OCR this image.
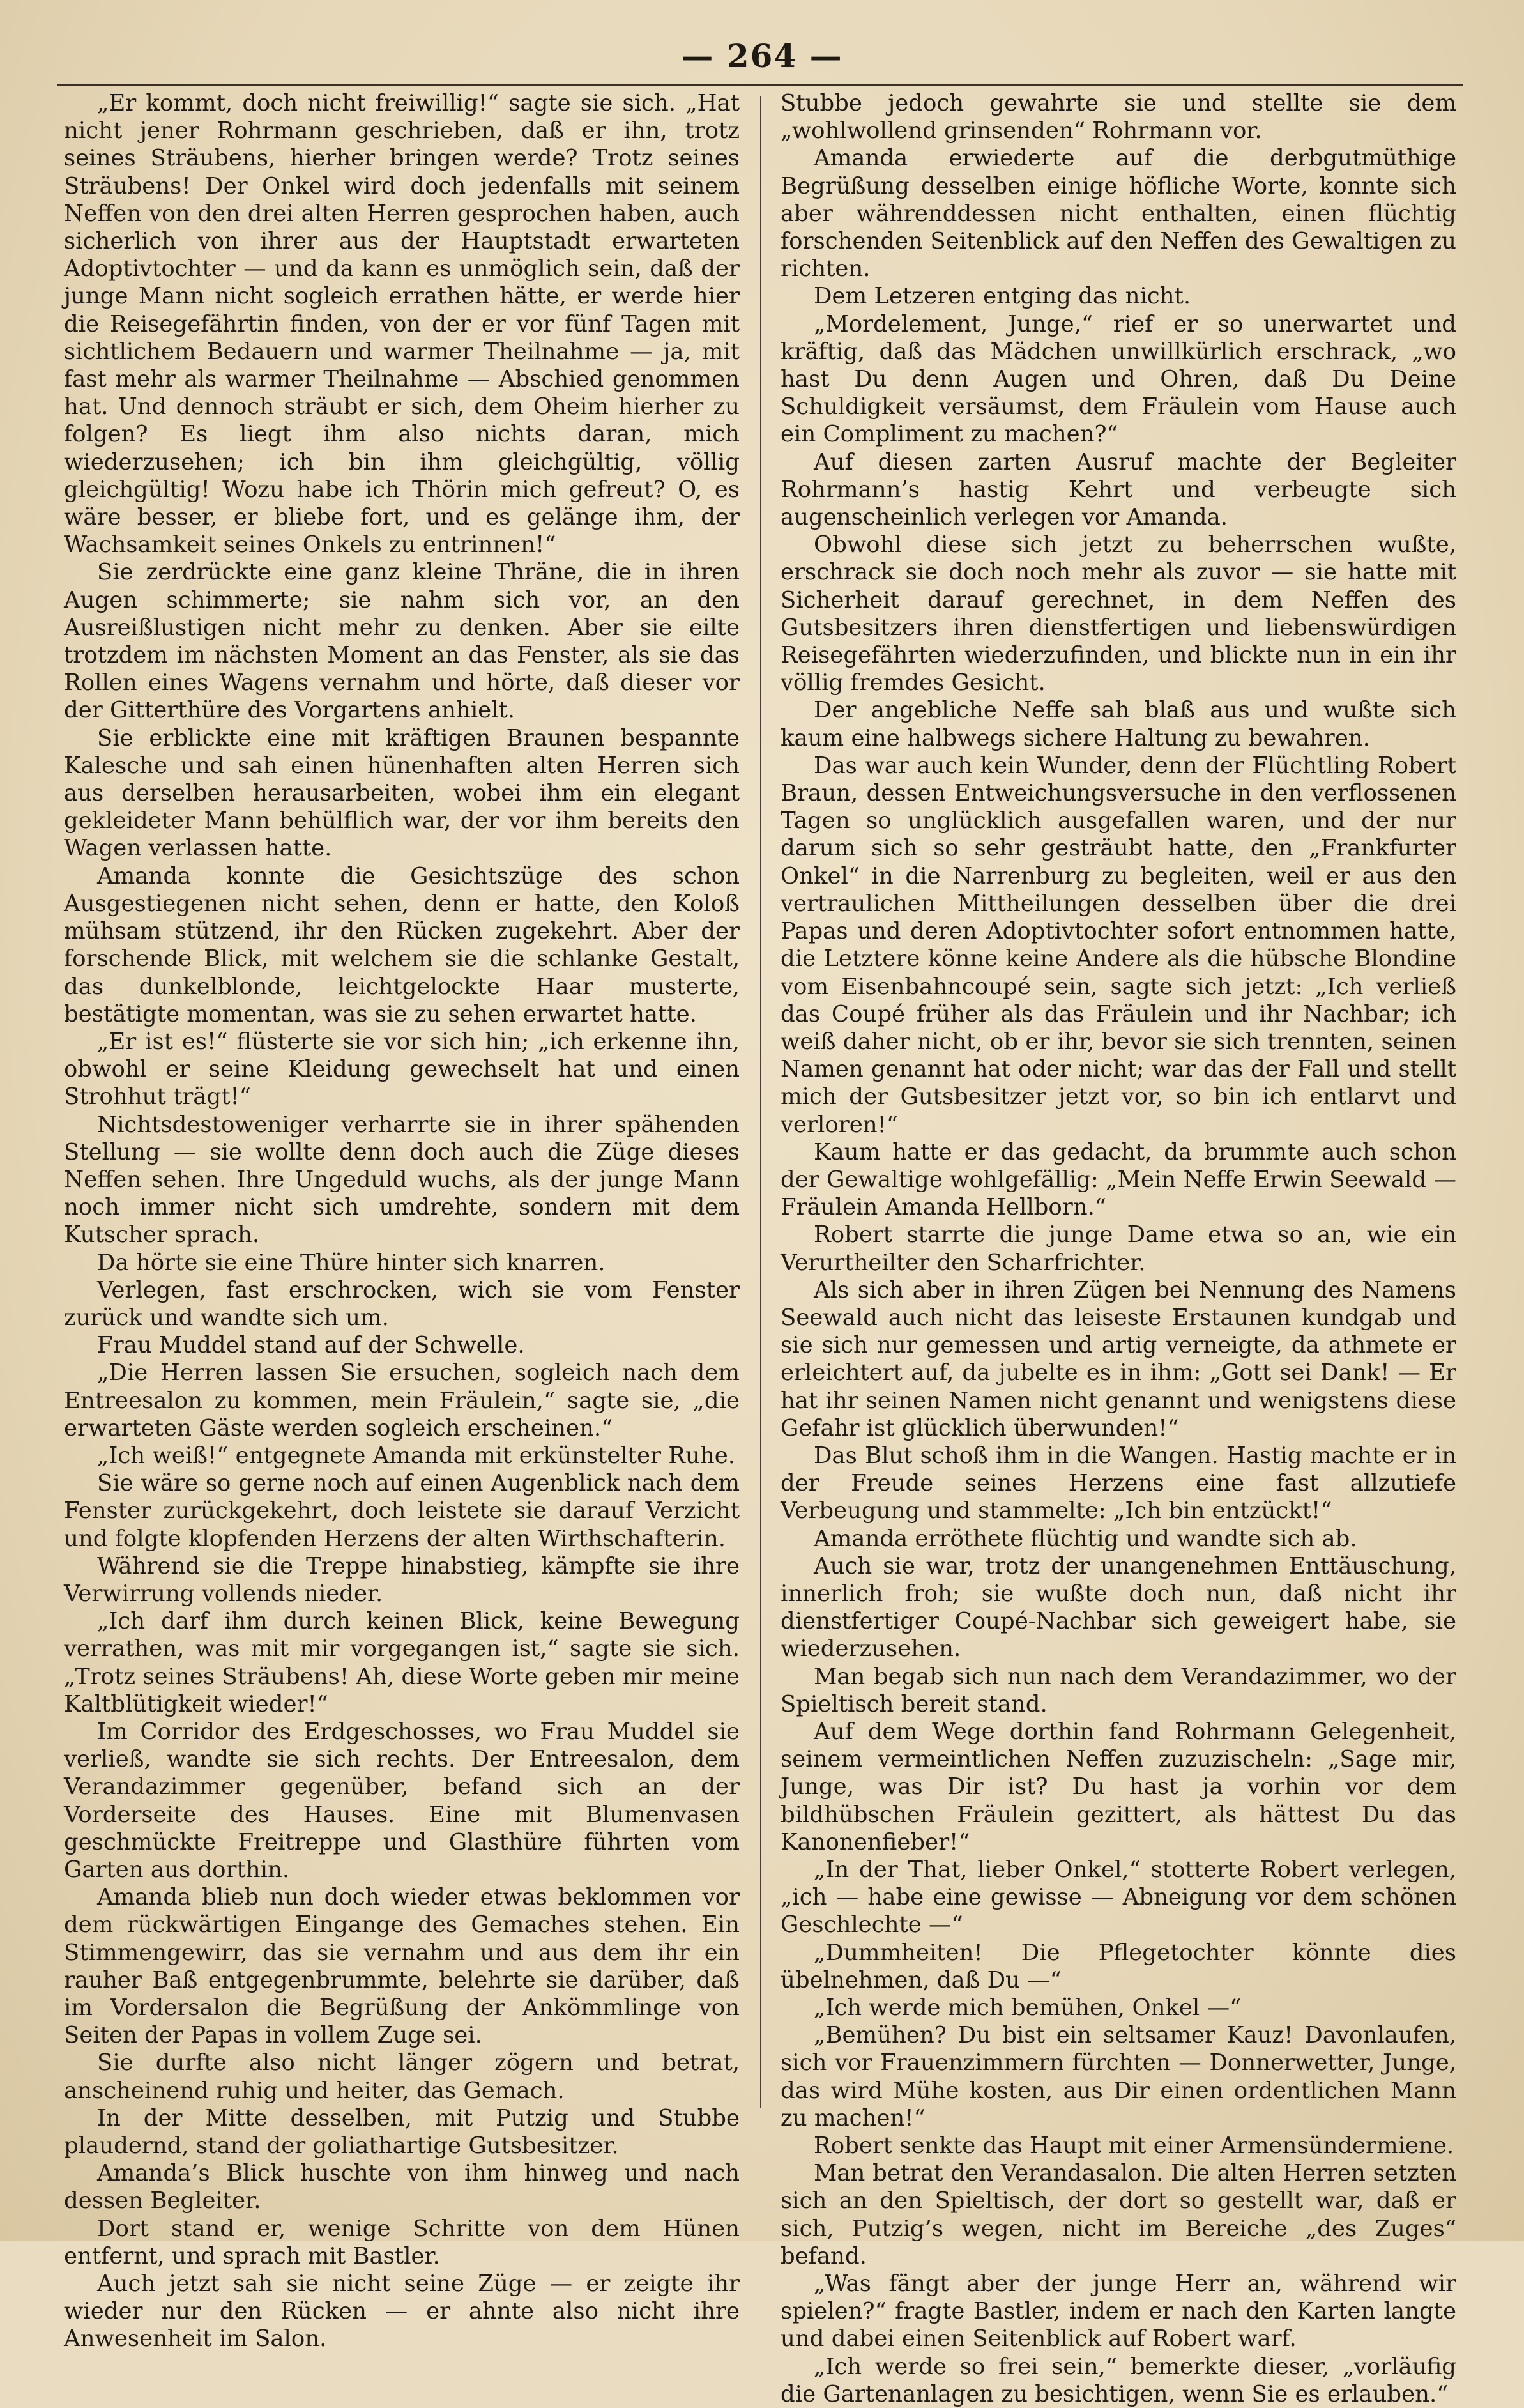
— 264 —

„Er kommt, doch nicht freiwillig!“ sagte sie sich. „Hat nicht jener Rohrmann geschrieben, daß er ihn, trotz seines Sträubens, hierher bringen werde? Trotz seines Sträubens! Der Onkel wird doch jedenfalls mit seinem Neffen von den drei alten Herren gesprochen haben, auch sicherlich von ihrer aus der Hauptstadt erwarteten Adoptivtochter — und da kann es unmöglich sein, daß der junge Mann nicht sogleich errathen hätte, er werde hier die Reisegefährtin finden, von der er vor fünf Tagen mit sichtlichem Bedauern und warmer Theilnahme — ja, mit fast mehr als warmer Theilnahme — Abschied genommen hat. Und dennoch sträubt er sich, dem Oheim hierher zu folgen? Es liegt ihm also nichts daran, mich wiederzusehen; ich bin ihm gleichgültig, völlig gleichgültig! Wozu habe ich Thörin mich gefreut? O, es wäre besser, er bliebe fort, und es gelänge ihm, der Wachsamkeit seines Onkels zu entrinnen!“

Sie zerdrückte eine ganz kleine Thräne, die in ihren Augen schimmerte; sie nahm sich vor, an den Ausreißlustigen nicht mehr zu denken. Aber sie eilte trotzdem im nächsten Moment an das Fenster, als sie das Rollen eines Wagens vernahm und hörte, daß dieser vor der Gitterthüre des Vorgartens anhielt.

Sie erblickte eine mit kräftigen Braunen bespannte Kalesche und sah einen hünenhaften alten Herren sich aus derselben herausarbeiten, wobei ihm ein elegant gekleideter Mann behülflich war, der vor ihm bereits den Wagen verlassen hatte.

Amanda konnte die Gesichtszüge des schon Ausgestiegenen nicht sehen, denn er hatte, den Koloß mühsam stützend, ihr den Rücken zugekehrt. Aber der forschende Blick, mit welchem sie die schlanke Gestalt, das dunkelblonde, leichtgelockte Haar musterte, bestätigte momentan, was sie zu sehen erwartet hatte.

„Er ist es!“ flüsterte sie vor sich hin; „ich erkenne ihn, obwohl er seine Kleidung gewechselt hat und einen Strohhut trägt!“

Nichtsdestoweniger verharrte sie in ihrer spähenden Stellung — sie wollte denn doch auch die Züge dieses Neffen sehen. Ihre Ungeduld wuchs, als der junge Mann noch immer nicht sich umdrehte, sondern mit dem Kutscher sprach.

Da hörte sie eine Thüre hinter sich knarren.

Verlegen, fast erschrocken, wich sie vom Fenster zurück und wandte sich um.

Frau Muddel stand auf der Schwelle.

„Die Herren lassen Sie ersuchen, sogleich nach dem Entreesalon zu kommen, mein Fräulein,“ sagte sie, „die erwarteten Gäste werden sogleich erscheinen.“

„Ich weiß!“ entgegnete Amanda mit erkünstelter Ruhe.

Sie wäre so gerne noch auf einen Augenblick nach dem Fenster zurückgekehrt, doch leistete sie darauf Verzicht und folgte klopfenden Herzens der alten Wirthschafterin.

Während sie die Treppe hinabstieg, kämpfte sie ihre Verwirrung vollends nieder.

„Ich darf ihm durch keinen Blick, keine Bewegung verrathen, was mit mir vorgegangen ist,“ sagte sie sich. „Trotz seines Sträubens! Ah, diese Worte geben mir meine Kaltblütigkeit wieder!“

Im Corridor des Erdgeschosses, wo Frau Muddel sie verließ, wandte sie sich rechts. Der Entreesalon, dem Verandazimmer gegenüber, befand sich an der Vorderseite des Hauses. Eine mit Blumenvasen geschmückte Freitreppe und Glasthüre führten vom Garten aus dorthin.

Amanda blieb nun doch wieder etwas beklommen vor dem rückwärtigen Eingange des Gemaches stehen. Ein Stimmengewirr, das sie vernahm und aus dem ihr ein rauher Baß entgegenbrummte, belehrte sie darüber, daß im Vordersalon die Begrüßung der Ankömmlinge von Seiten der Papas in vollem Zuge sei.

Sie durfte also nicht länger zögern und betrat, anscheinend ruhig und heiter, das Gemach.

In der Mitte desselben, mit Putzig und Stubbe plaudernd, stand der goliathartige Gutsbesitzer.

Amanda’s Blick huschte von ihm hinweg und nach dessen Begleiter.

Dort stand er, wenige Schritte von dem Hünen entfernt, und sprach mit Bastler.

Auch jetzt sah sie nicht seine Züge — er zeigte ihr wieder nur den Rücken — er ahnte also nicht ihre Anwesenheit im Salon.

Stubbe jedoch gewahrte sie und stellte sie dem „wohlwollend grinsenden“ Rohrmann vor.

Amanda erwiederte auf die derbgutmüthige Begrüßung desselben einige höfliche Worte, konnte sich aber währenddessen nicht enthalten, einen flüchtig forschenden Seitenblick auf den Neffen des Gewaltigen zu richten.

Dem Letzeren entging das nicht.

„Mordelement, Junge,“ rief er so unerwartet und kräftig, daß das Mädchen unwillkürlich erschrack, „wo hast Du denn Augen und Ohren, daß Du Deine Schuldigkeit versäumst, dem Fräulein vom Hause auch ein Compliment zu machen?“

Auf diesen zarten Ausruf machte der Begleiter Rohrmann’s hastig Kehrt und verbeugte sich augenscheinlich verlegen vor Amanda.

Obwohl diese sich jetzt zu beherrschen wußte, erschrack sie doch noch mehr als zuvor — sie hatte mit Sicherheit darauf gerechnet, in dem Neffen des Gutsbesitzers ihren dienstfertigen und liebenswürdigen Reisegefährten wiederzufinden, und blickte nun in ein ihr völlig fremdes Gesicht.

Der angebliche Neffe sah blaß aus und wußte sich kaum eine halbwegs sichere Haltung zu bewahren.

Das war auch kein Wunder, denn der Flüchtling Robert Braun, dessen Entweichungsversuche in den verflossenen Tagen so unglücklich ausgefallen waren, und der nur darum sich so sehr gesträubt hatte, den „Frankfurter Onkel“ in die Narrenburg zu begleiten, weil er aus den vertraulichen Mittheilungen desselben über die drei Papas und deren Adoptivtochter sofort entnommen hatte, die Letztere könne keine Andere als die hübsche Blondine vom Eisenbahncoupé sein, sagte sich jetzt: „Ich verließ das Coupé früher als das Fräulein und ihr Nachbar; ich weiß daher nicht, ob er ihr, bevor sie sich trennten, seinen Namen genannt hat oder nicht; war das der Fall und stellt mich der Gutsbesitzer jetzt vor, so bin ich entlarvt und verloren!“

Kaum hatte er das gedacht, da brummte auch schon der Gewaltige wohlgefällig: „Mein Neffe Erwin Seewald — Fräulein Amanda Hellborn.“

Robert starrte die junge Dame etwa so an, wie ein Verurtheilter den Scharfrichter.

Als sich aber in ihren Zügen bei Nennung des Namens Seewald auch nicht das leiseste Erstaunen kundgab und sie sich nur gemessen und artig verneigte, da athmete er erleichtert auf, da jubelte es in ihm: „Gott sei Dank! — Er hat ihr seinen Namen nicht genannt und wenigstens diese Gefahr ist glücklich überwunden!“

Das Blut schoß ihm in die Wangen. Hastig machte er in der Freude seines Herzens eine fast allzutiefe Verbeugung und stammelte: „Ich bin entzückt!“

Amanda erröthete flüchtig und wandte sich ab.

Auch sie war, trotz der unangenehmen Enttäuschung, innerlich froh; sie wußte doch nun, daß nicht ihr dienstfertiger Coupé-Nachbar sich geweigert habe, sie wiederzusehen.

Man begab sich nun nach dem Verandazimmer, wo der Spieltisch bereit stand.

Auf dem Wege dorthin fand Rohrmann Gelegenheit, seinem vermeintlichen Neffen zuzuzischeln: „Sage mir, Junge, was Dir ist? Du hast ja vorhin vor dem bildhübschen Fräulein gezittert, als hättest Du das Kanonenfieber!“

„In der That, lieber Onkel,“ stotterte Robert verlegen, „ich — habe eine gewisse — Abneigung vor dem schönen Geschlechte —“

„Dummheiten! Die Pflegetochter könnte dies übelnehmen, daß Du —“

„Ich werde mich bemühen, Onkel —“

„Bemühen? Du bist ein seltsamer Kauz! Davonlaufen, sich vor Frauenzimmern fürchten — Donnerwetter, Junge, das wird Mühe kosten, aus Dir einen ordentlichen Mann zu machen!“

Robert senkte das Haupt mit einer Armensündermiene.

Man betrat den Verandasalon. Die alten Herren setzten sich an den Spieltisch, der dort so gestellt war, daß er sich, Putzig’s wegen, nicht im Bereiche „des Zuges“ befand.

„Was fängt aber der junge Herr an, während wir spielen?“ fragte Bastler, indem er nach den Karten langte und dabei einen Seitenblick auf Robert warf.

„Ich werde so frei sein,“ bemerkte dieser, „vorläufig die Gartenanlagen zu besichtigen, wenn Sie es erlauben.“
